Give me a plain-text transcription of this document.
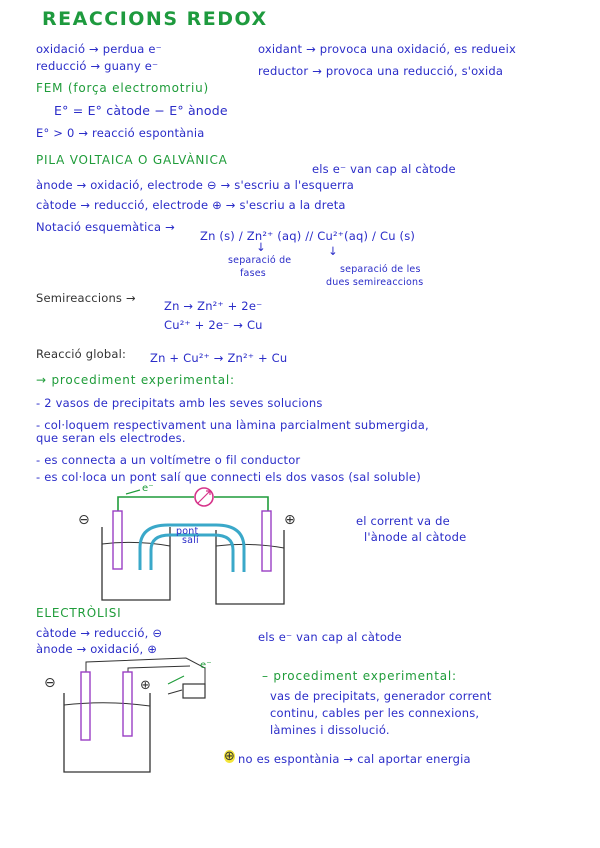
REACCIONS REDOX
oxidació → perdua e⁻
reducció → guany e⁻
oxidant → provoca una oxidació, es redueix
reductor → provoca una reducció, s'oxida
FEM (força electromotriu)
E° = E° càtode − E° ànode
E° > 0 → reacció espontània
PILA VOLTAICA O GALVÀNICA
els e⁻ van cap al càtode
ànode → oxidació, electrode ⊖ → s'escriu a l'esquerra
càtode → reducció, electrode ⊕ → s'escriu a la dreta
Notació esquemàtica →
Zn (s) / Zn²⁺ (aq) // Cu²⁺(aq) / Cu (s)
↓	↓
separació de
fases	separació de les
dues semireaccions
Semireaccions →
Zn → Zn²⁺ + 2e⁻
Cu²⁺ + 2e⁻ → Cu
Reacció global: Zn + Cu²⁺ → Zn²⁺ + Cu
→ procediment experimental:
- 2 vasos de precipitats amb les seves solucions
- col·loquem respectivament una làmina parcialment submergida,
que seran els electrodes.
- es connecta a un voltímetre o fil conductor
- es col·loca un pont salí que connecti els dos vasos (sal soluble)
e⁻
⊖	⊕
pont
salí
el corrent va de
l'ànode al càtode
ELECTRÒLISI
càtode → reducció, ⊖
ànode → oxidació, ⊕
els e⁻ van cap al càtode
– procediment experimental:
vas de precipitats, generador corrent
continu, cables per les connexions,
làmines i dissolució.
⊕ no es espontània → cal aportar energia
⊖	⊕
e⁻
